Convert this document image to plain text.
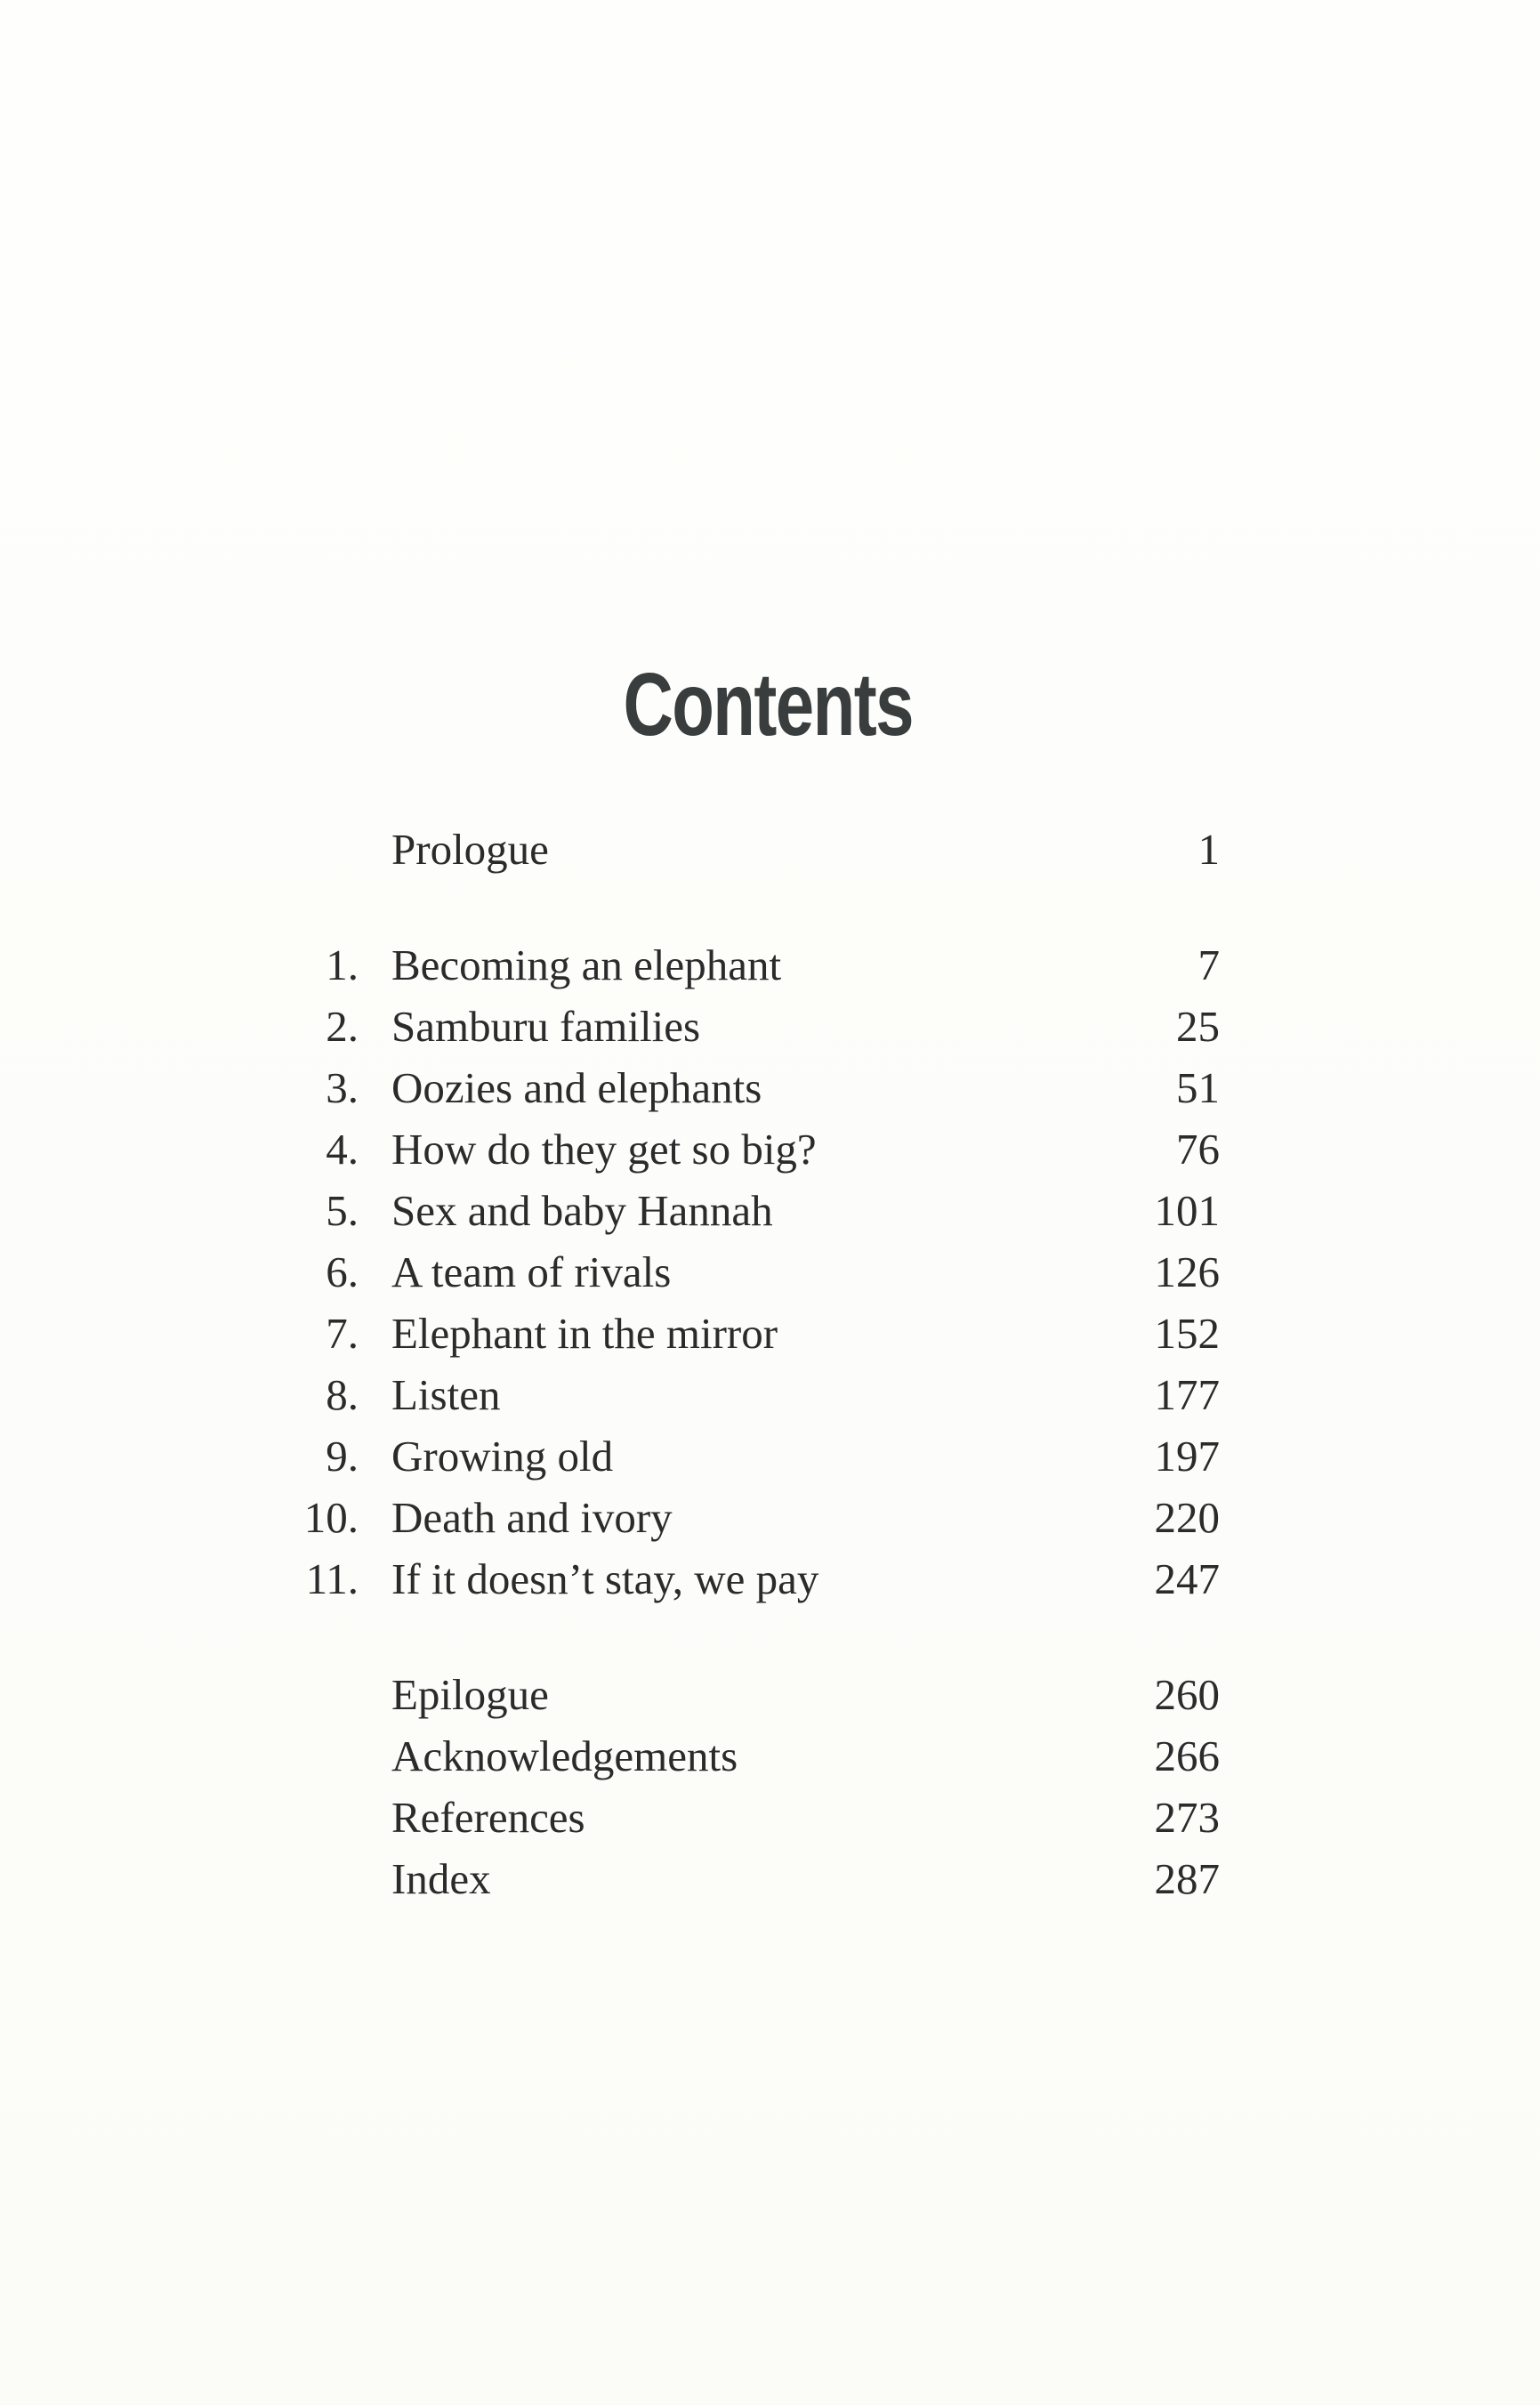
Contents
Prologue	1
1. Becoming an elephant	7
2. Samburu families	25
3. Oozies and elephants	51
4. How do they get so big?	76
5. Sex and baby Hannah	101
6. A team of rivals	126
7. Elephant in the mirror	152
8. Listen	177
9. Growing old	197
10. Death and ivory	220
11. If it doesn’t stay, we pay	247
Epilogue	260
Acknowledgements	266
References	273
Index	287
